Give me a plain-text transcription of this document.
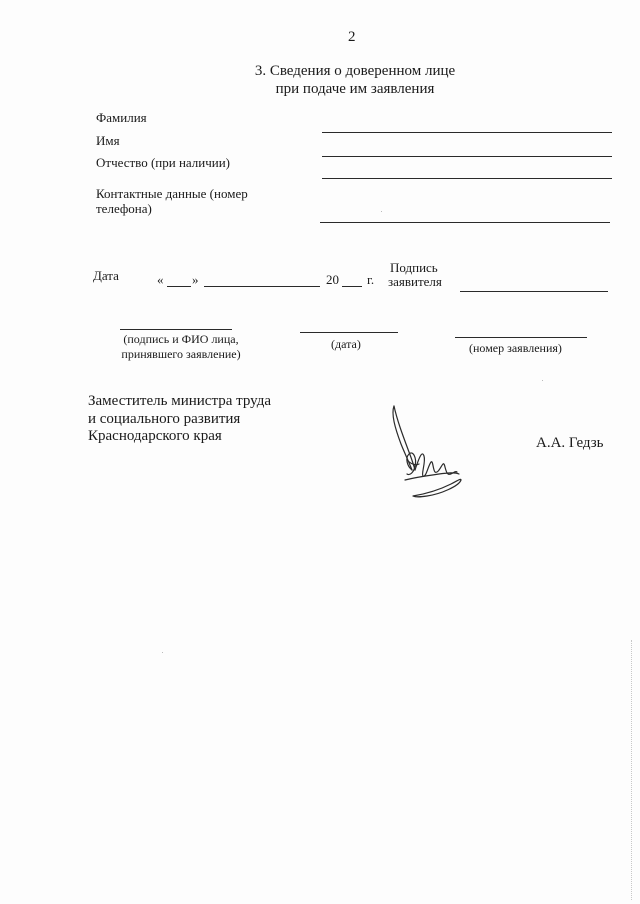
2
3. Сведения о доверенном лице
при подаче им заявления
Фамилия
Имя
Отчество (при наличии)
Контактные данные (номер
телефона)
Дата	« »	20 г.
Подпись
заявителя
(подпись и ФИО лица,
принявшего заявление)
(дата)	(номер заявления)
Заместитель министра труда
и социального развития
Краснодарского края	А.А. Гедзь
